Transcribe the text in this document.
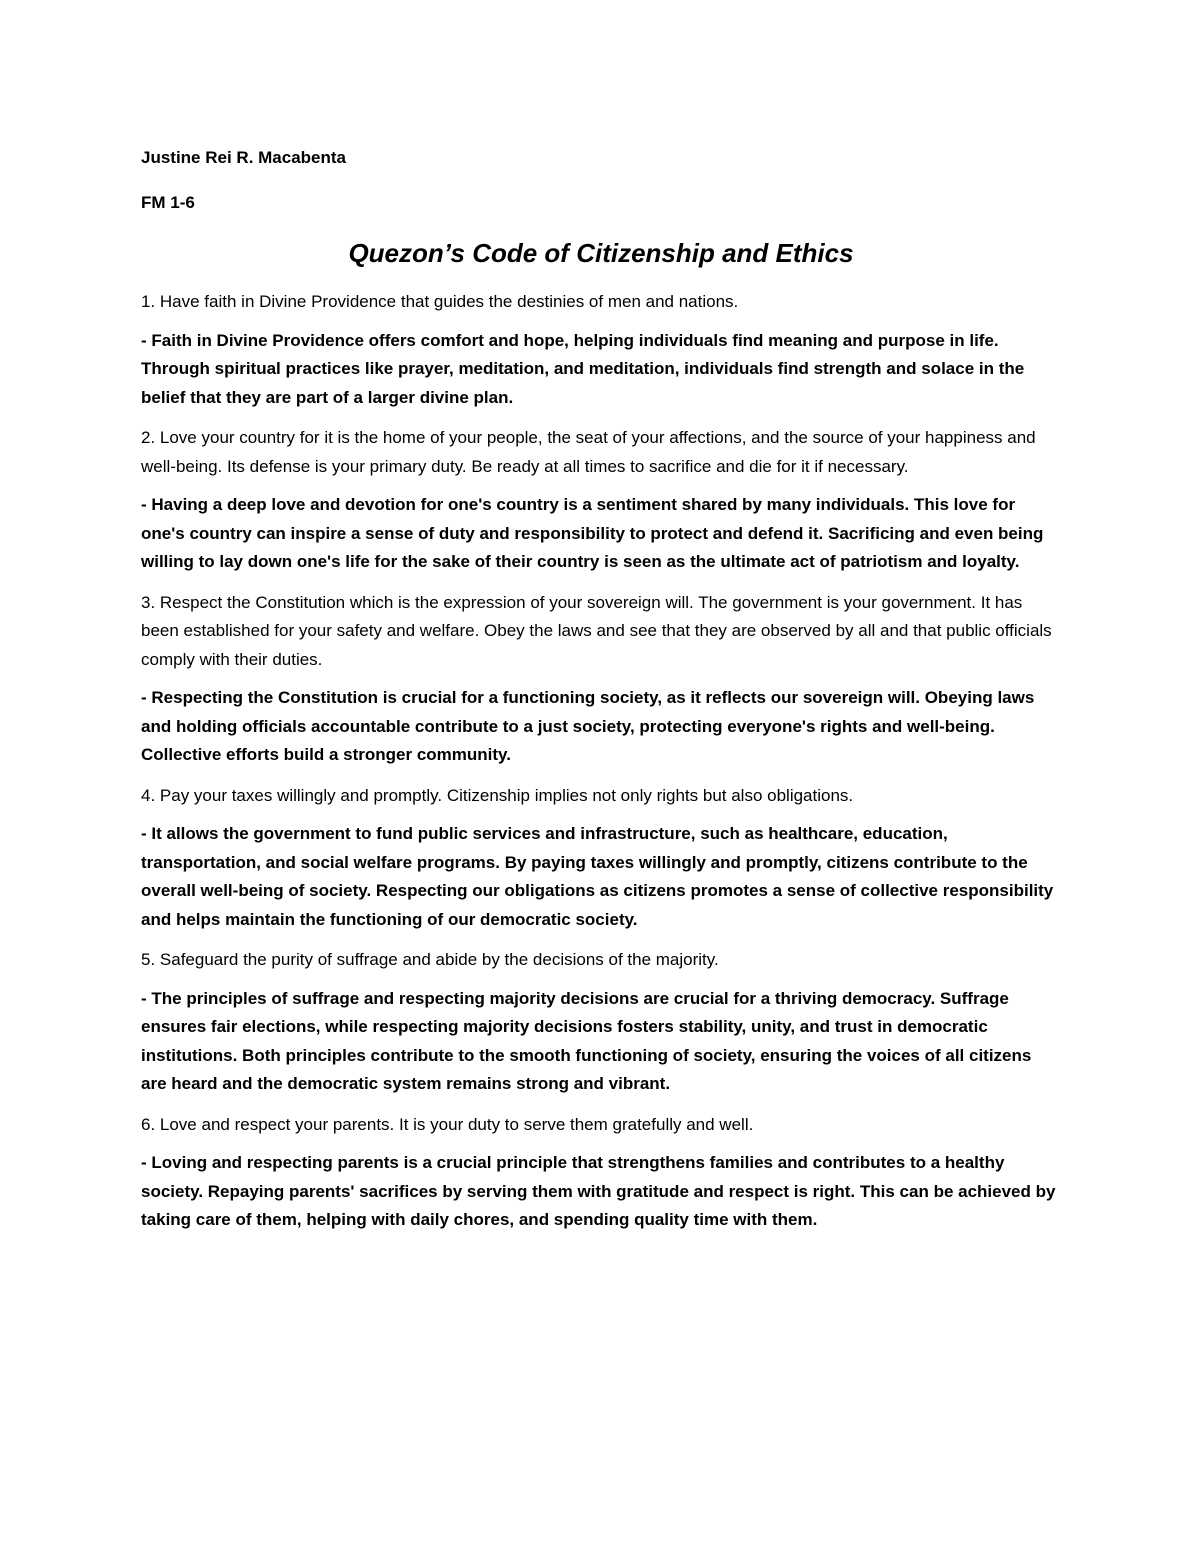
Justine Rei R. Macabenta

FM 1-6

Quezon’s Code of Citizenship and Ethics

1. Have faith in Divine Providence that guides the destinies of men and nations.

- Faith in Divine Providence offers comfort and hope, helping individuals find meaning and purpose in life. Through spiritual practices like prayer, meditation, and meditation, individuals find strength and solace in the belief that they are part of a larger divine plan.

2. Love your country for it is the home of your people, the seat of your affections, and the source of your happiness and well-being. Its defense is your primary duty. Be ready at all times to sacrifice and die for it if necessary.

- Having a deep love and devotion for one's country is a sentiment shared by many individuals. This love for one's country can inspire a sense of duty and responsibility to protect and defend it. Sacrificing and even being willing to lay down one's life for the sake of their country is seen as the ultimate act of patriotism and loyalty.

3. Respect the Constitution which is the expression of your sovereign will. The government is your government. It has been established for your safety and welfare. Obey the laws and see that they are observed by all and that public officials comply with their duties.

- Respecting the Constitution is crucial for a functioning society, as it reflects our sovereign will. Obeying laws and holding officials accountable contribute to a just society, protecting everyone's rights and well-being. Collective efforts build a stronger community.

4. Pay your taxes willingly and promptly. Citizenship implies not only rights but also obligations.

- It allows the government to fund public services and infrastructure, such as healthcare, education, transportation, and social welfare programs. By paying taxes willingly and promptly, citizens contribute to the overall well-being of society. Respecting our obligations as citizens promotes a sense of collective responsibility and helps maintain the functioning of our democratic society.

5. Safeguard the purity of suffrage and abide by the decisions of the majority.

- The principles of suffrage and respecting majority decisions are crucial for a thriving democracy. Suffrage ensures fair elections, while respecting majority decisions fosters stability, unity, and trust in democratic institutions. Both principles contribute to the smooth functioning of society, ensuring the voices of all citizens are heard and the democratic system remains strong and vibrant.

6. Love and respect your parents. It is your duty to serve them gratefully and well.

- Loving and respecting parents is a crucial principle that strengthens families and contributes to a healthy society. Repaying parents' sacrifices by serving them with gratitude and respect is right. This can be achieved by taking care of them, helping with daily chores, and spending quality time with them.
